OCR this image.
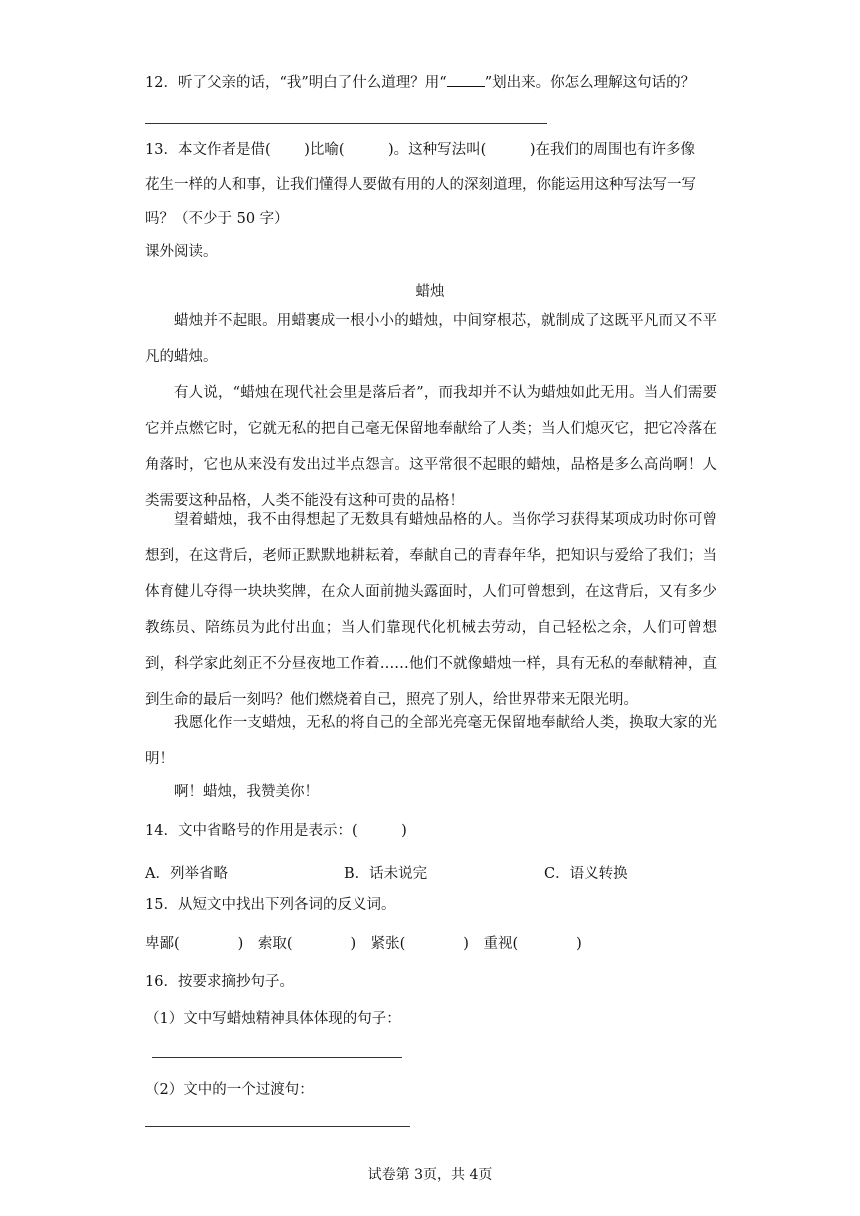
12．听了父亲的话，“我”明白了什么道理？用“	”划出来。你怎么理解这句话的？
13．本文作者是借(　　 )比喻(　　　)。这种写法叫(　　　)在我们的周围也有许多像
花生一样的人和事，让我们懂得人要做有用的人的深刻道理，你能运用这种写法写一写
吗？（不少于 50 字）
课外阅读。
蜡烛
蜡烛并不起眼。用蜡裹成一根小小的蜡烛，中间穿根芯，就制成了这既平凡而又不平凡的蜡烛。
有人说，“蜡烛在现代社会里是落后者”，而我却并不认为蜡烛如此无用。当人们需要它并点燃它时，它就无私的把自己毫无保留地奉献给了人类；当人们熄灭它，把它冷落在角落时，它也从来没有发出过半点怨言。这平常很不起眼的蜡烛，品格是多么高尚啊！人类需要这种品格，人类不能没有这种可贵的品格！
望着蜡烛，我不由得想起了无数具有蜡烛品格的人。当你学习获得某项成功时你可曾想到，在这背后，老师正默默地耕耘着，奉献自己的青春年华，把知识与爱给了我们；当体育健儿夺得一块块奖牌，在众人面前抛头露面时，人们可曾想到，在这背后，又有多少教练员、陪练员为此付出血；当人们靠现代化机械去劳动，自己轻松之余，人们可曾想到，科学家此刻正不分昼夜地工作着……他们不就像蜡烛一样，具有无私的奉献精神，直到生命的最后一刻吗？他们燃烧着自己，照亮了别人，给世界带来无限光明。
我愿化作一支蜡烛，无私的将自己的全部光亮毫无保留地奉献给人类，换取大家的光明！
啊！蜡烛，我赞美你！
14．文中省略号的作用是表示：(　　　)
A．列举省略	B．话未说完	C．语义转换
15．从短文中找出下列各词的反义词。
卑鄙(　　　　)　索取(　　　　)　紧张(　　　　)　重视(　　　　)
16．按要求摘抄句子。
（1）文中写蜡烛精神具体体现的句子：
（2）文中的一个过渡句：
试卷第 3页，共 4页
